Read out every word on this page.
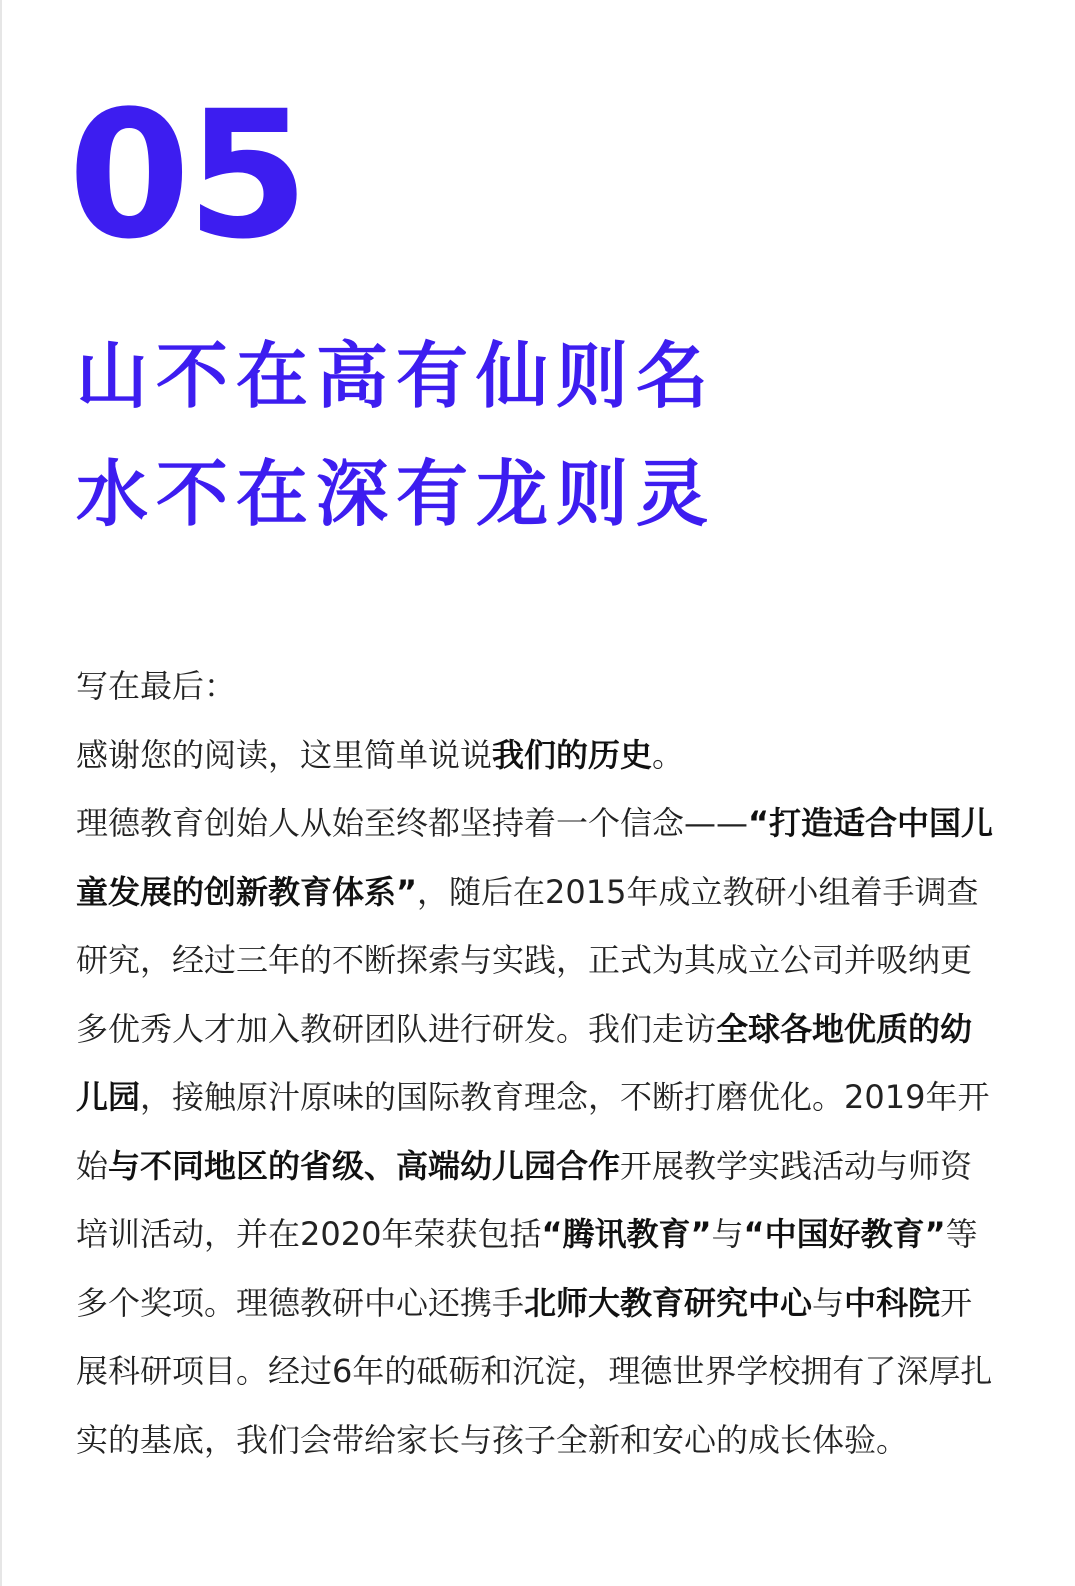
05
山不在高有仙则名
水不在深有龙则灵

写在最后：

感谢您的阅读，这里简单说说我们的历史。

理德教育创始人从始至终都坚持着一个信念——“打造适合中国儿童发展的创新教育体系”，随后在2015年成立教研小组着手调查研究，经过三年的不断探索与实践，正式为其成立公司并吸纳更多优秀人才加入教研团队进行研发。我们走访全球各地优质的幼儿园，接触原汁原味的国际教育理念，不断打磨优化。2019年开始与不同地区的省级、高端幼儿园合作开展教学实践活动与师资培训活动，并在2020年荣获包括“腾讯教育”与“中国好教育”等多个奖项。理德教研中心还携手北师大教育研究中心与中科院开展科研项目。经过6年的砥砺和沉淀，理德世界学校拥有了深厚扎实的基底，我们会带给家长与孩子全新和安心的成长体验。
